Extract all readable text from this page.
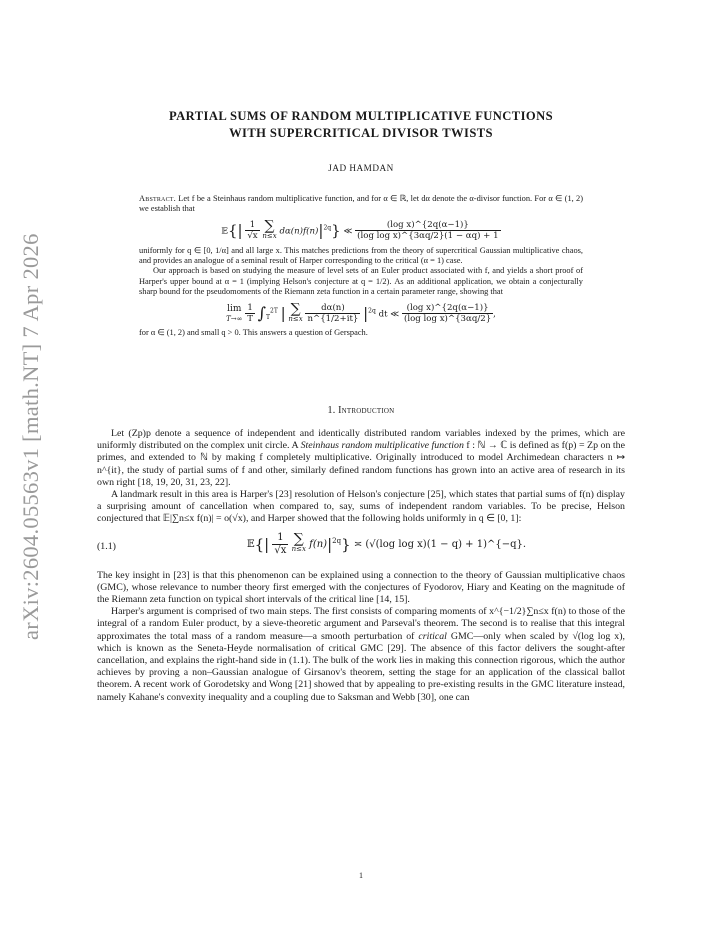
arXiv:2604.05563v1 [math.NT] 7 Apr 2026
PARTIAL SUMS OF RANDOM MULTIPLICATIVE FUNCTIONS
WITH SUPERCRITICAL DIVISOR TWISTS
JAD HAMDAN

Abstract. Let f be a Steinhaus random multiplicative function, and for α ∈ ℝ, let dα denote the α-divisor function. For α ∈ (1, 2) we establish that

𝔼{| $\frac{1}{√x}$
∑
n≤x $d\alpha(n)f(n)|^{2q}$} ≪ $\frac{\text{(log x)\textasciicircum{}\{2q(α−1)\}}}{\text{(log log x)\textasciicircum{}\{3αq/2\}(1 − αq) + 1}}$

uniformly for q ∈ [0, 1/α] and all large x. This matches predictions from the theory of supercritical Gaussian multiplicative chaos, and provides an analogue of a seminal result of Harper corresponding to the critical (α = 1) case.

Our approach is based on studying the measure of level sets of an Euler product associated with f, and yields a short proof of Harper's upper bound at α = 1 (implying Helson's conjecture at q = 1/2). As an additional application, we obtain a conjecturally sharp bound for the pseudomoments of the Riemann zeta function in a certain parameter range, showing that

lim
T→∞
$\frac{1}{T} \int_T^{2T}$ | ∑
n≤x
$\frac{d\alpha(n)}{n\^{}\{1/2+it\}} |^{2q}$ dt ≪ $\frac{\text{(log x)\textasciicircum{}\{2q(α−1)\}}}{\text{(log log x)\textasciicircum{}\{3αq/2\}}}$ ,

for α ∈ (1, 2) and small q > 0. This answers a question of Gerspach.

1. Introduction

Let (Zp)p denote a sequence of independent and identically distributed random variables indexed by the primes, which are uniformly distributed on the complex unit circle. A Steinhaus random multiplicative function f : ℕ → ℂ is defined as f(p) = Zp on the primes, and extended to ℕ by making f completely multiplicative. Originally introduced to model Archimedean characters n ↦ n^{it}, the study of partial sums of f and other, similarly defined random functions has grown into an active area of research in its own right [18, 19, 20, 31, 23, 22].

A landmark result in this area is Harper's [23] resolution of Helson's conjecture [25], which states that partial sums of f(n) display a surprising amount of cancellation when compared to, say, sums of independent random variables. To be precise, Helson conjectured that 𝔼|∑n≤x f(n)| = o(√x), and Harper showed that the following holds uniformly in q ∈ [0, 1]:

(1.1)	𝔼{| $\frac{1}{√x}$
∑
n≤x $f(n)|^{2q}$} ≍ (√(log log x)(1 − q) + 1)^{−q}.

The key insight in [23] is that this phenomenon can be explained using a connection to the theory of Gaussian multiplicative chaos (GMC), whose relevance to number theory first emerged with the conjectures of Fyodorov, Hiary and Keating on the magnitude of the Riemann zeta function on typical short intervals of the critical line [14, 15].

Harper's argument is comprised of two main steps. The first consists of comparing moments of x^{−1/2}∑n≤x f(n) to those of the integral of a random Euler product, by a sieve-theoretic argument and Parseval's theorem. The second is to realise that this integral approximates the total mass of a random measure—a smooth perturbation of critical GMC—only when scaled by √(log log x), which is known as the Seneta-Heyde normalisation of critical GMC [29]. The absence of this factor delivers the sought-after cancellation, and explains the right-hand side in (1.1). The bulk of the work lies in making this connection rigorous, which the author achieves by proving a non–Gaussian analogue of Girsanov's theorem, setting the stage for an application of the classical ballot theorem. A recent work of Gorodetsky and Wong [21] showed that by appealing to pre-existing results in the GMC literature instead, namely Kahane's convexity inequality and a coupling due to Saksman and Webb [30], one can

1
